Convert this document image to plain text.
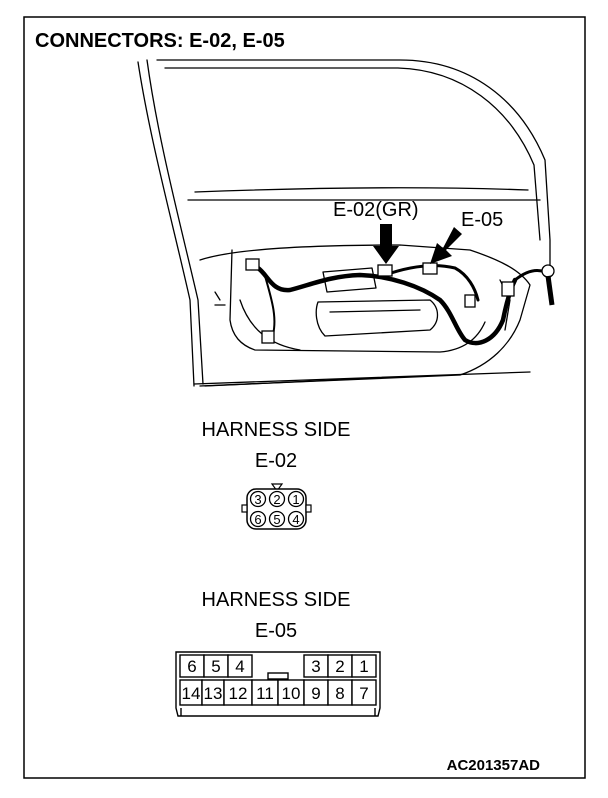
CONNECTORS: E-02, E-05
E-02(GR) E-05
HARNESS SIDE
E-02
3 2 1
6 5 4
HARNESS SIDE
E-05
6 5 4	3 2 1
14 13 12 11 10 9 8 7
AC201357AD
